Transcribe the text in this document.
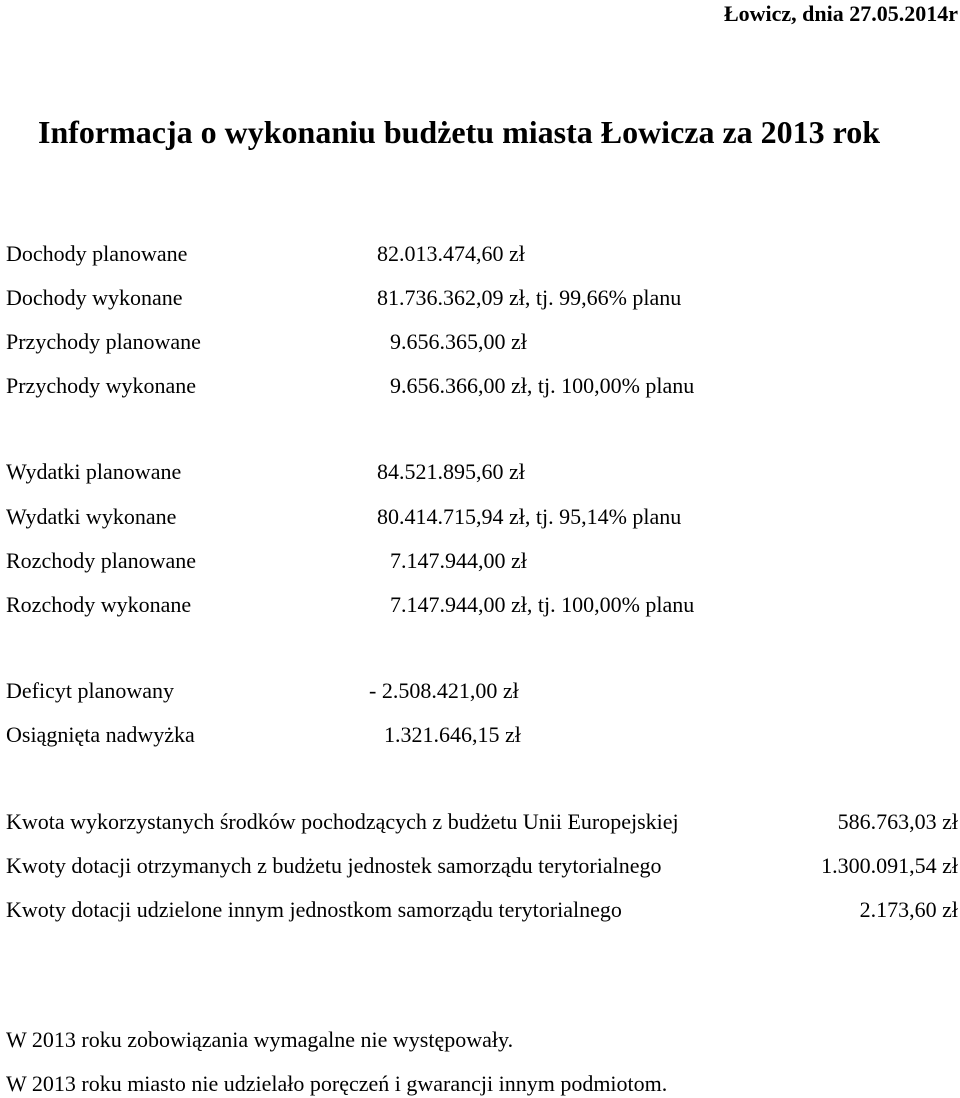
Łowicz, dnia 27.05.2014r
Informacja o wykonaniu budżetu miasta Łowicza za 2013 rok
Dochody planowane	82.013.474,60 zł
Dochody wykonane	81.736.362,09 zł, tj. 99,66% planu
Przychody planowane	9.656.365,00 zł
Przychody wykonane	9.656.366,00 zł, tj. 100,00% planu
Wydatki planowane	84.521.895,60 zł
Wydatki wykonane	80.414.715,94 zł, tj. 95,14% planu
Rozchody planowane	7.147.944,00 zł
Rozchody wykonane	7.147.944,00 zł, tj. 100,00% planu
Deficyt planowany	- 2.508.421,00 zł
Osiągnięta nadwyżka	1.321.646,15 zł
Kwota wykorzystanych środków pochodzących z budżetu Unii Europejskiej	586.763,03 zł
Kwoty dotacji otrzymanych z budżetu jednostek samorządu terytorialnego	1.300.091,54 zł
Kwoty dotacji udzielone innym jednostkom samorządu terytorialnego	2.173,60 zł
W 2013 roku zobowiązania wymagalne nie występowały.
W 2013 roku miasto nie udzielało poręczeń i gwarancji innym podmiotom.
